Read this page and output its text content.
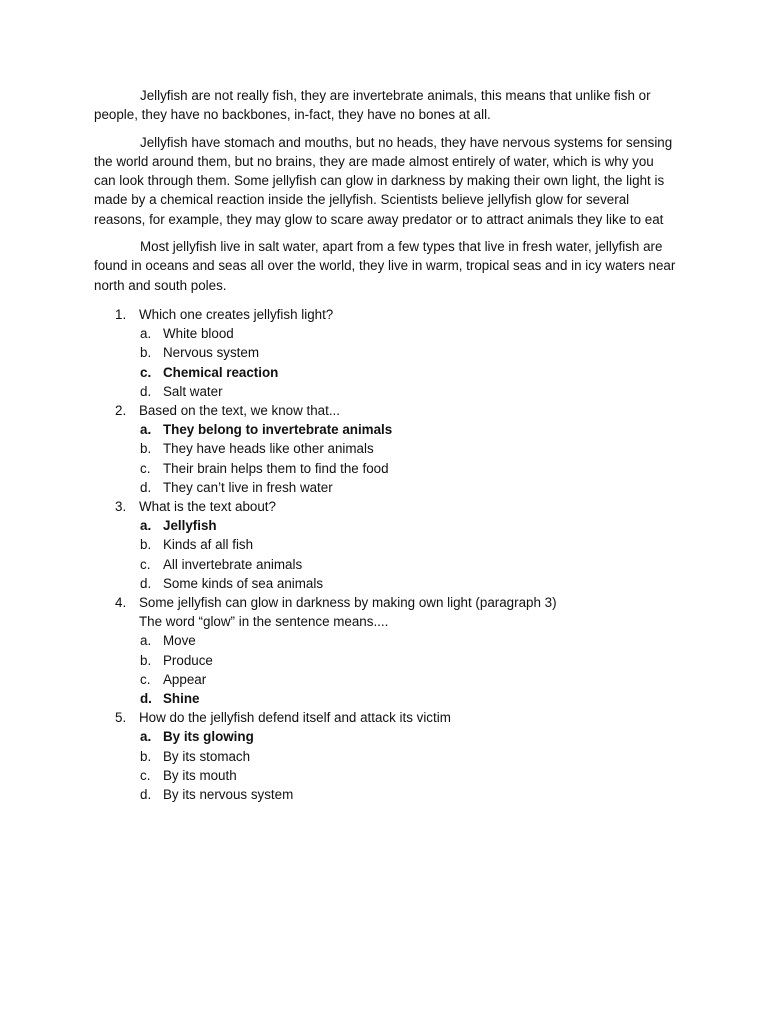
Jellyfish are not really fish, they are invertebrate animals, this means that unlike fish or people, they have no backbones, in-fact, they have no bones at all.

Jellyfish have stomach and mouths, but no heads, they have nervous systems for sensing the world around them, but no brains, they are made almost entirely of water, which is why you can look through them. Some jellyfish can glow in darkness by making their own light, the light is made by a chemical reaction inside the jellyfish. Scientists believe jellyfish glow for several reasons, for example, they may glow to scare away predator or to attract animals they like to eat

Most jellyfish live in salt water, apart from a few types that live in fresh water, jellyfish are found in oceans and seas all over the world, they live in warm, tropical seas and in icy waters near north and south poles.

1. Which one creates jellyfish light?
a. White blood
b. Nervous system
c. Chemical reaction
d. Salt water
2. Based on the text, we know that...
a. They belong to invertebrate animals
b. They have heads like other animals
c. Their brain helps them to find the food
d. They can’t live in fresh water
3. What is the text about?
a. Jellyfish
b. Kinds af all fish
c. All invertebrate animals
d. Some kinds of sea animals
4. Some jellyfish can glow in darkness by making own light (paragraph 3)
The word “glow” in the sentence means....
a. Move
b. Produce
c. Appear
d. Shine
5. How do the jellyfish defend itself and attack its victim
a. By its glowing
b. By its stomach
c. By its mouth
d. By its nervous system
